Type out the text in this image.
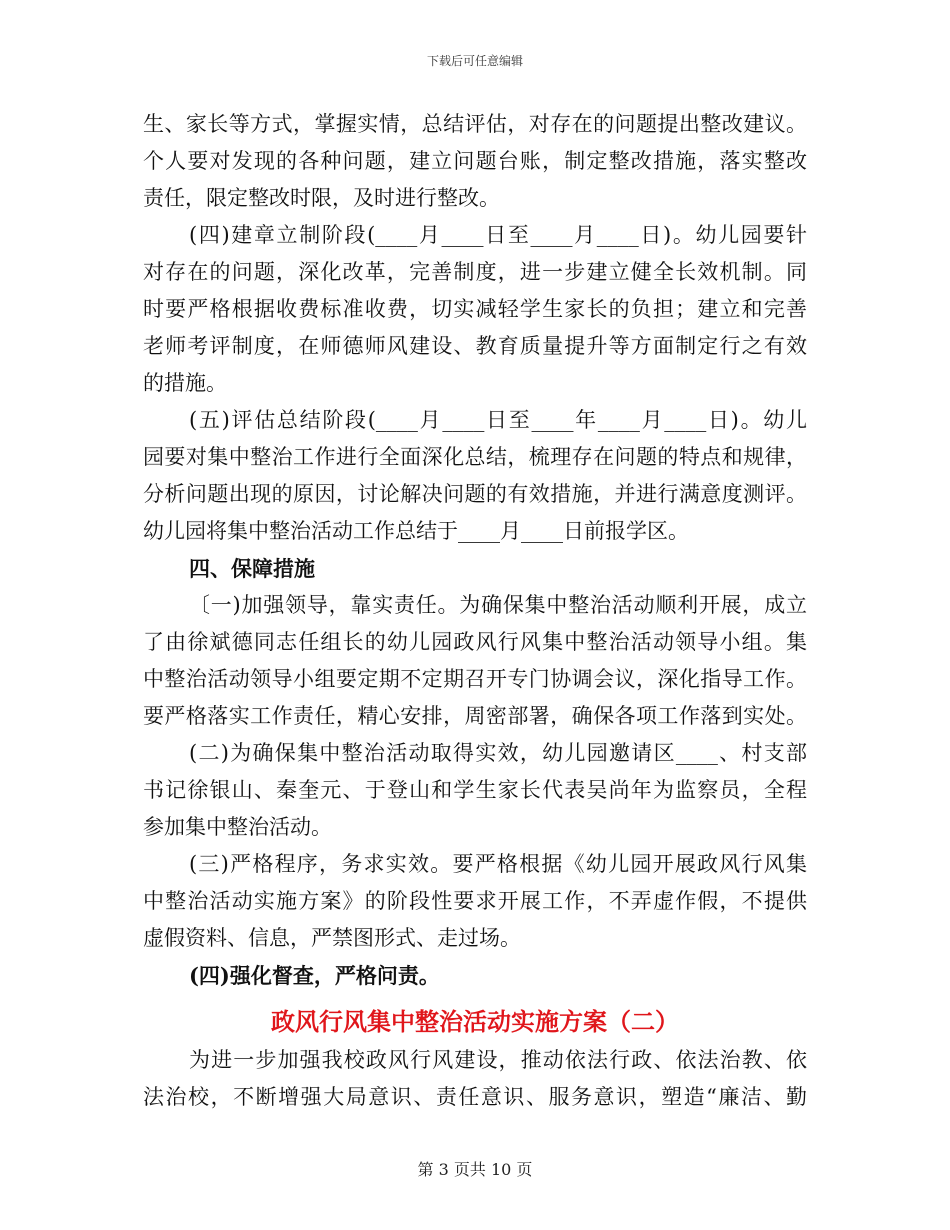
下载后可任意编辑
生、家长等方式，掌握实情，总结评估，对存在的问题提出整改建议。
个人要对发现的各种问题，建立问题台账，制定整改措施，落实整改
责任，限定整改时限，及时进行整改。
(四)建章立制阶段(____月____日至____月____日)。幼儿园要针
对存在的问题，深化改革，完善制度，进一步建立健全长效机制。同
时要严格根据收费标准收费，切实减轻学生家长的负担；建立和完善
老师考评制度，在师德师风建设、教育质量提升等方面制定行之有效
的措施。
(五)评估总结阶段(____月____日至____年____月____日)。幼儿
园要对集中整治工作进行全面深化总结，梳理存在问题的特点和规律，
分析问题出现的原因，讨论解决问题的有效措施，并进行满意度测评。
幼儿园将集中整治活动工作总结于____月____日前报学区。
四、保障措施
〔一)加强领导，靠实责任。为确保集中整治活动顺利开展，成立
了由徐斌德同志任组长的幼儿园政风行风集中整治活动领导小组。集
中整治活动领导小组要定期不定期召开专门协调会议，深化指导工作。
要严格落实工作责任，精心安排，周密部署，确保各项工作落到实处。
(二)为确保集中整治活动取得实效，幼儿园邀请区____、村支部
书记徐银山、秦奎元、于登山和学生家长代表吴尚年为监察员，全程
参加集中整治活动。
(三)严格程序，务求实效。要严格根据《幼儿园开展政风行风集
中整治活动实施方案》的阶段性要求开展工作，不弄虚作假，不提供
虚假资料、信息，严禁图形式、走过场。
(四)强化督查，严格问责。
政风行风集中整治活动实施方案（二）
为进一步加强我校政风行风建设，推动依法行政、依法治教、依
法治校，不断增强大局意识、责任意识、服务意识，塑造“廉洁、勤
第 3 页共 10 页
